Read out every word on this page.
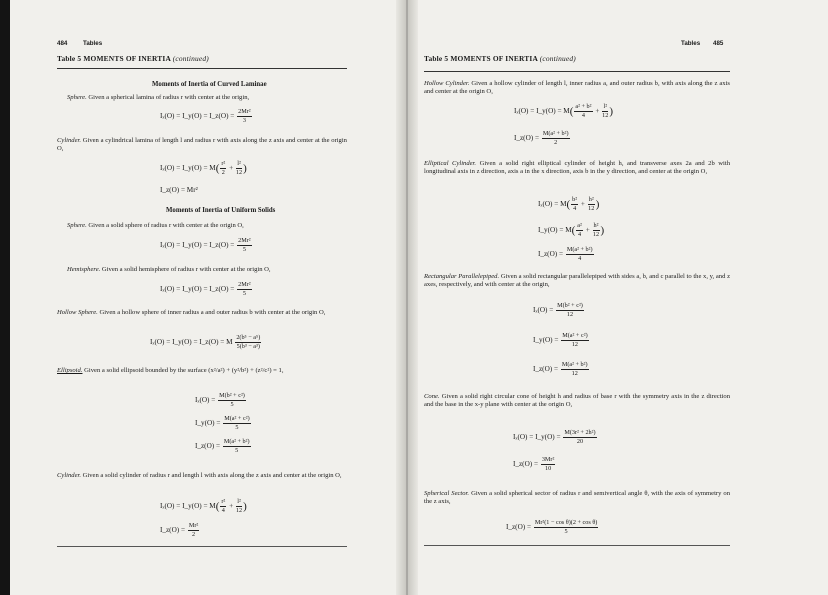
484	Tables
Table 5 MOMENTS OF INERTIA (continued)
Moments of Inertia of Curved Laminae
Sphere. Given a spherical lamina of radius r with center at the origin,
Iₓ(O) = I_y(O) = I_z(O) = $\frac{\text{2Mr²}}{3}$
Cylinder. Given a cylindrical lamina of length l and radius r with axis along the z axis and center at the origin O,
Iₓ(O) = I_y(O) = $M( \frac{\text{r²}}{2} + \frac{\text{l²}}{12}$ )
I_z(O) = Mr²
Moments of Inertia of Uniform Solids
Sphere. Given a solid sphere of radius r with center at the origin O,
Iₓ(O) = I_y(O) = I_z(O) = $\frac{\text{2Mr²}}{5}$
Hemisphere. Given a solid hemisphere of radius r with center at the origin O,
Iₓ(O) = I_y(O) = I_z(O) = $\frac{\text{2Mr²}}{5}$
Hollow Sphere. Given a hollow sphere of inner radius a and outer radius b with center at the origin O,
Iₓ(O) = I_y(O) = I_z(O) = M $\frac{\text{2(b⁵ − a⁵)}}{\text{5(b³ − a³)}}$
Ellipsoid. Given a solid ellipsoid bounded by the surface (x²/a²) + (y²/b²) + (z²/c²) = 1,
$I_x(O) = \frac{\text{M(b² + c²)}}{5}$
I_y(O) = $\frac{\text{M(a² + c²)}}{5}$
I_z(O) = $\frac{\text{M(a² + b²)}}{5}$
Cylinder. Given a solid cylinder of radius r and length l with axis along the z axis and center at the origin O,
Iₓ(O) = I_y(O) = $M( \frac{\text{r²}}{4} + \frac{\text{l²}}{12}$ )
I_z(O) = $\frac{\text{Mr²}}{2}$
Tables 485
Table 5 MOMENTS OF INERTIA (continued)
Hollow Cylinder. Given a hollow cylinder of length l, inner radius a, and outer radius b, with axis along the z axis and center at the origin O,
Iₓ(O) = I_y(O) = $M( \frac{\text{a² + b²}}{4} + \frac{\text{l²}}{12}$ )
I_z(O) = $\frac{\text{M(a² + b²)}}{2}$
Elliptical Cylinder. Given a solid right elliptical cylinder of height h, and transverse axes 2a and 2b with longitudinal axis in z direction, axis a in the x direction, axis b in the y direction, and center at the origin O,
$I_x(O) = M( \frac{\text{b²}}{4} + \frac{\text{h²}}{12}$ )
I_y(O) = $M( \frac{\text{a²}}{4} + \frac{\text{h²}}{12}$ )
I_z(O) = $\frac{\text{M(a² + b²)}}{4}$
Rectangular Parallelepiped. Given a solid rectangular parallelepiped with sides a, b, and c parallel to the x, y, and z axes, respectively, and with center at the origin,
$I_x(O) = \frac{\text{M(b² + c²)}}{12}$
I_y(O) = $\frac{\text{M(a² + c²)}}{12}$
I_z(O) = $\frac{\text{M(a² + b²)}}{12}$
Cone. Given a solid right circular cone of height h and radius of base r with the symmetry axis in the z direction and the base in the x-y plane with center at the origin O,
Iₓ(O) = I_y(O) = $\frac{\text{M(3r² + 2h²)}}{20}$
I_z(O) = $\frac{\text{3Mr²}}{10}$
Spherical Sector. Given a solid spherical sector of radius r and semivertical angle θ, with the axis of symmetry on the z axis,
I_z(O) = $\frac{\text{Mr²(1 − cos θ)(2 + cos θ)}}{5}$
